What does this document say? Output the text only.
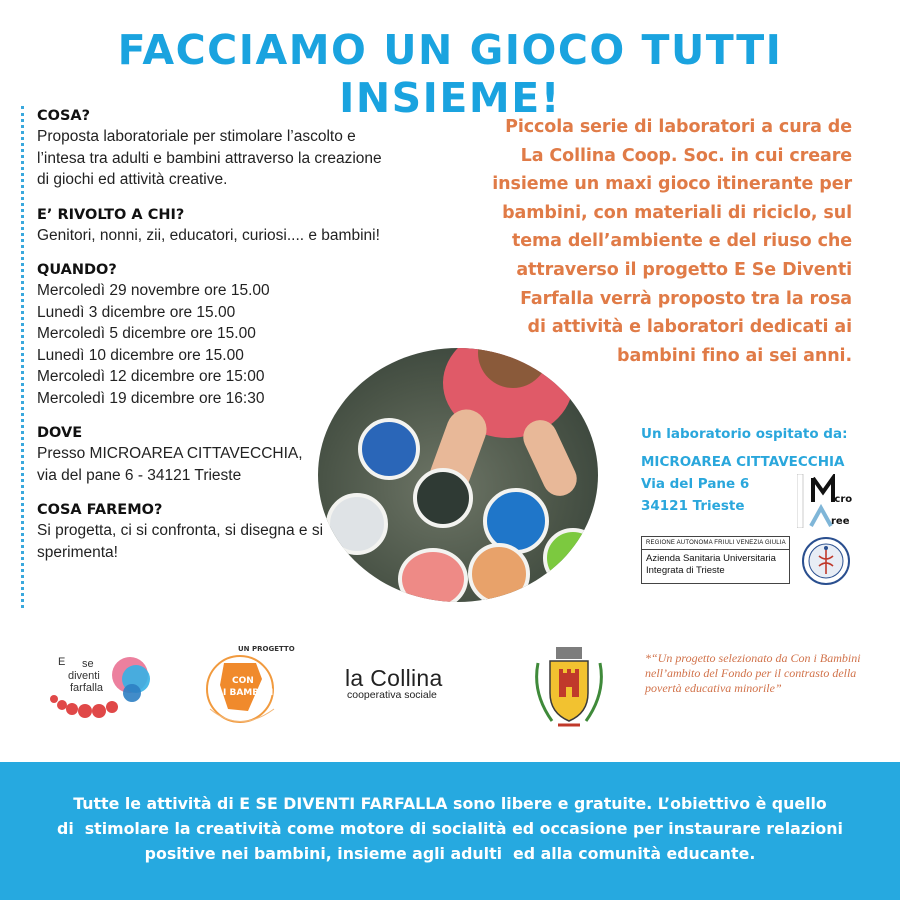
FACCIAMO UN GIOCO TUTTI INSIEME!
COSA?
Proposta laboratoriale per stimolare l’ascolto e
l’intesa tra adulti e bambini attraverso la creazione
di giochi ed attività creative.
E’ RIVOLTO A CHI?
Genitori, nonni, zii, educatori, curiosi.... e bambini!
QUANDO?
Mercoledì 29 novembre ore 15.00
Lunedì 3 dicembre ore 15.00
Mercoledì 5 dicembre ore 15.00
Lunedì 10 dicembre ore 15.00
Mercoledì 12 dicembre ore 15:00
Mercoledì 19 dicembre ore 16:30
DOVE
Presso MICROAREA CITTAVECCHIA,
via del pane 6 - 34121 Trieste
COSA FAREMO?
Si progetta, ci si confronta, si disegna e si
sperimenta!
Piccola serie di laboratori a cura de
La Collina Coop. Soc. in cui creare
insieme un maxi gioco itinerante per
bambini, con materiali di riciclo, sul
tema dell’ambiente e del riuso che
attraverso il progetto E Se Diventi
Farfalla verrà proposto tra la rosa
di attività e laboratori dedicati ai
bambini fino ai sei anni.
Un laboratorio ospitato da:
MICROAREA CITTAVECCHIA
Via del Pane 6
34121 Trieste	icro
ree
REGIONE AUTONOMA FRIULI VENEZIA GIULIA
Azienda Sanitaria Universitaria
Integrata di Trieste
E se
diventi
farfalla
UN PROGETTO
CON
I BAMBINI
la Collina
cooperativa sociale
*“Un progetto selezionato da Con i Bambini nell’ambito del Fondo per il contrasto della povertà educativa minorile”
Tutte le attività di E SE DIVENTI FARFALLA sono libere e gratuite. L’obiettivo è quello
di  stimolare la creatività come motore di socialità ed occasione per instaurare relazioni
positive nei bambini, insieme agli adulti  ed alla comunità educante.
